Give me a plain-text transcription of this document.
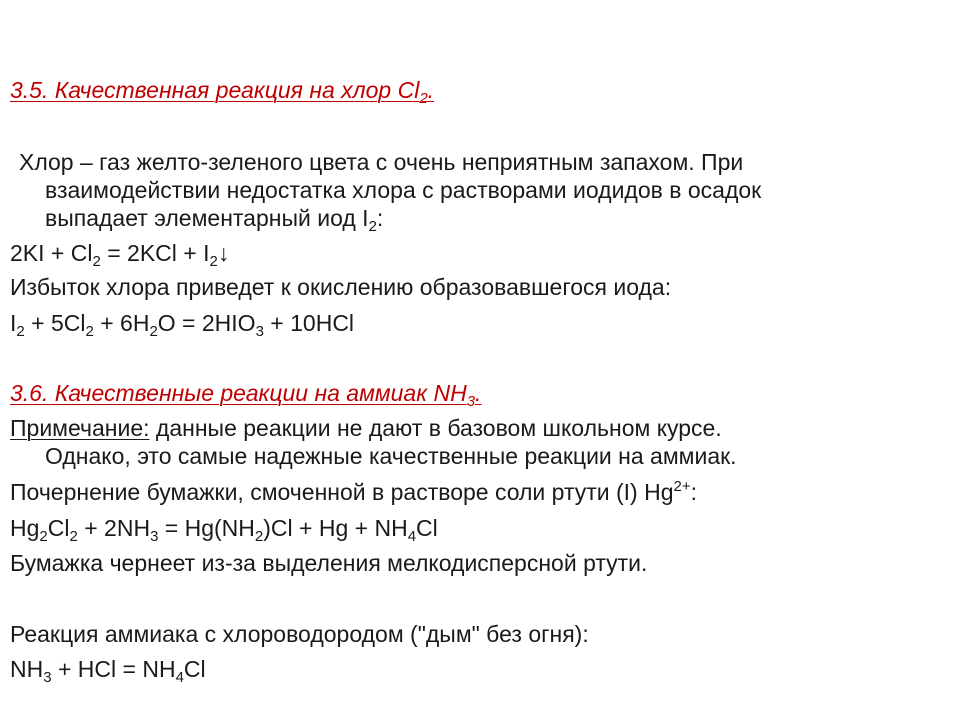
3.5. Качественная реакция на хлор $Cl_2$.
Хлор – газ желто-зеленого цвета с очень неприятным запахом. При
взаимодействии недостатка хлора с растворами иодидов в осадок
выпадает элементарный иод $I_2$:
$2KI + Cl_2 = 2KCl$ + $I_2↓$
Избыток хлора приведет к окислению образовавшегося иода:
$I_2 + 5Cl_2 + 6H_2O = 2HIO_3 + 10HCl$
3.6. Качественные реакции на аммиак $NH_3$.
Примечание: данные реакции не дают в базовом школьном курсе.
Однако, это самые надежные качественные реакции на аммиак.
Почернение бумажки, смоченной в растворе соли ртути (I) $Hg^{2+}$:
$Hg_2Cl_2 + 2NH_3 = Hg(NH_2)Cl + Hg + NH_4Cl$
Бумажка чернеет из-за выделения мелкодисперсной ртути.
Реакция аммиака с хлороводородом ("дым" без огня):
$NH_3$ + HCl = $NH_4Cl$
